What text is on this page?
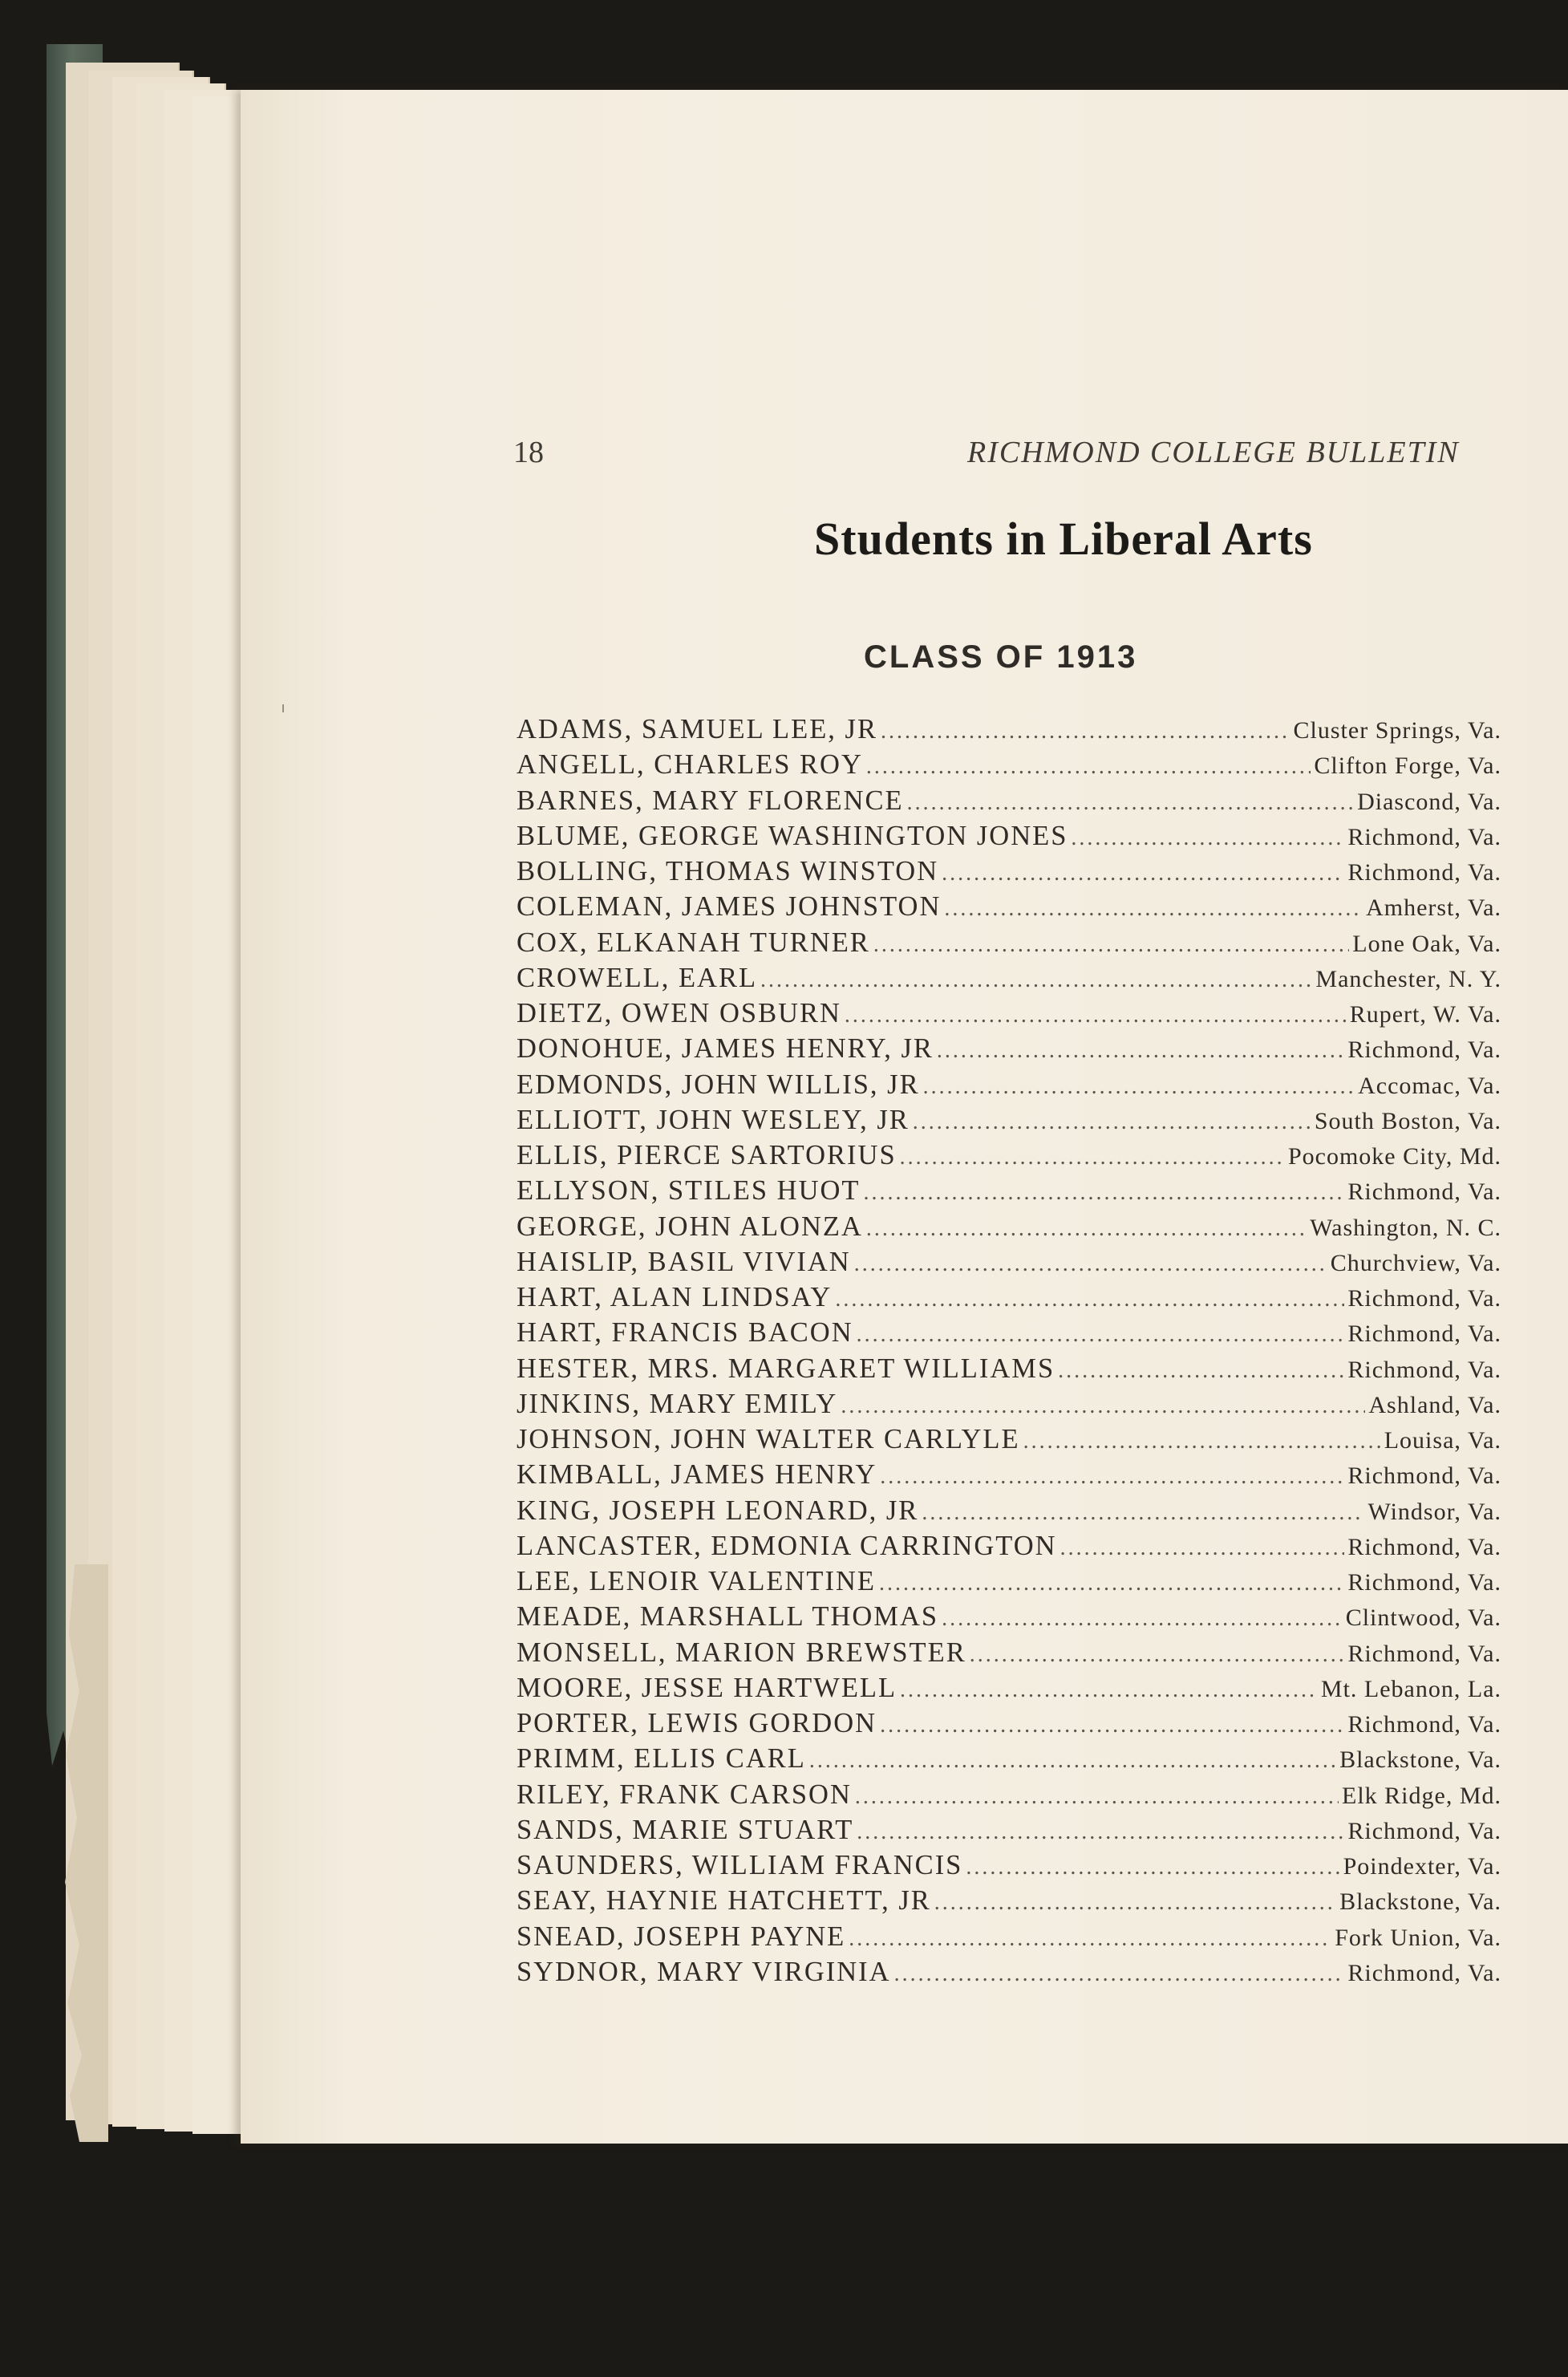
18	RICHMOND COLLEGE BULLETIN
Students in Liberal Arts
CLASS OF 1913
ADAMS, SAMUEL LEE, JR .....	Cluster Springs, Va.
ANGELL, CHARLES ROY .....	Clifton Forge, Va.
BARNES, MARY FLORENCE .....	Diascond, Va.
BLUME, GEORGE WASHINGTON JONES .....	Richmond, Va.
BOLLING, THOMAS WINSTON .....	Richmond, Va.
COLEMAN, JAMES JOHNSTON .....	Amherst, Va.
COX, ELKANAH TURNER .....	Lone Oak, Va.
CROWELL, EARL .....	Manchester, N. Y.
DIETZ, OWEN OSBURN .....	Rupert, W. Va.
DONOHUE, JAMES HENRY, JR .....	Richmond, Va.
EDMONDS, JOHN WILLIS, JR .....	Accomac, Va.
ELLIOTT, JOHN WESLEY, JR .....	South Boston, Va.
ELLIS, PIERCE SARTORIUS .....	Pocomoke City, Md.
ELLYSON, STILES HUOT .....	Richmond, Va.
GEORGE, JOHN ALONZA .....	Washington, N. C.
HAISLIP, BASIL VIVIAN .....	Churchview, Va.
HART, ALAN LINDSAY .....	Richmond, Va.
HART, FRANCIS BACON .....	Richmond, Va.
HESTER, MRS. MARGARET WILLIAMS .....	Richmond, Va.
JINKINS, MARY EMILY .....	Ashland, Va.
JOHNSON, JOHN WALTER CARLYLE .....	Louisa, Va.
KIMBALL, JAMES HENRY .....	Richmond, Va.
KING, JOSEPH LEONARD, JR .....	Windsor, Va.
LANCASTER, EDMONIA CARRINGTON .....	Richmond, Va.
LEE, LENOIR VALENTINE .....	Richmond, Va.
MEADE, MARSHALL THOMAS .....	Clintwood, Va.
MONSELL, MARION BREWSTER .....	Richmond, Va.
MOORE, JESSE HARTWELL .....	Mt. Lebanon, La.
PORTER, LEWIS GORDON .....	Richmond, Va.
PRIMM, ELLIS CARL .....	Blackstone, Va.
RILEY, FRANK CARSON .....	Elk Ridge, Md.
SANDS, MARIE STUART .....	Richmond, Va.
SAUNDERS, WILLIAM FRANCIS .....	Poindexter, Va.
SEAY, HAYNIE HATCHETT, JR .....	Blackstone, Va.
SNEAD, JOSEPH PAYNE .....	Fork Union, Va.
SYDNOR, MARY VIRGINIA .....	Richmond, Va.
